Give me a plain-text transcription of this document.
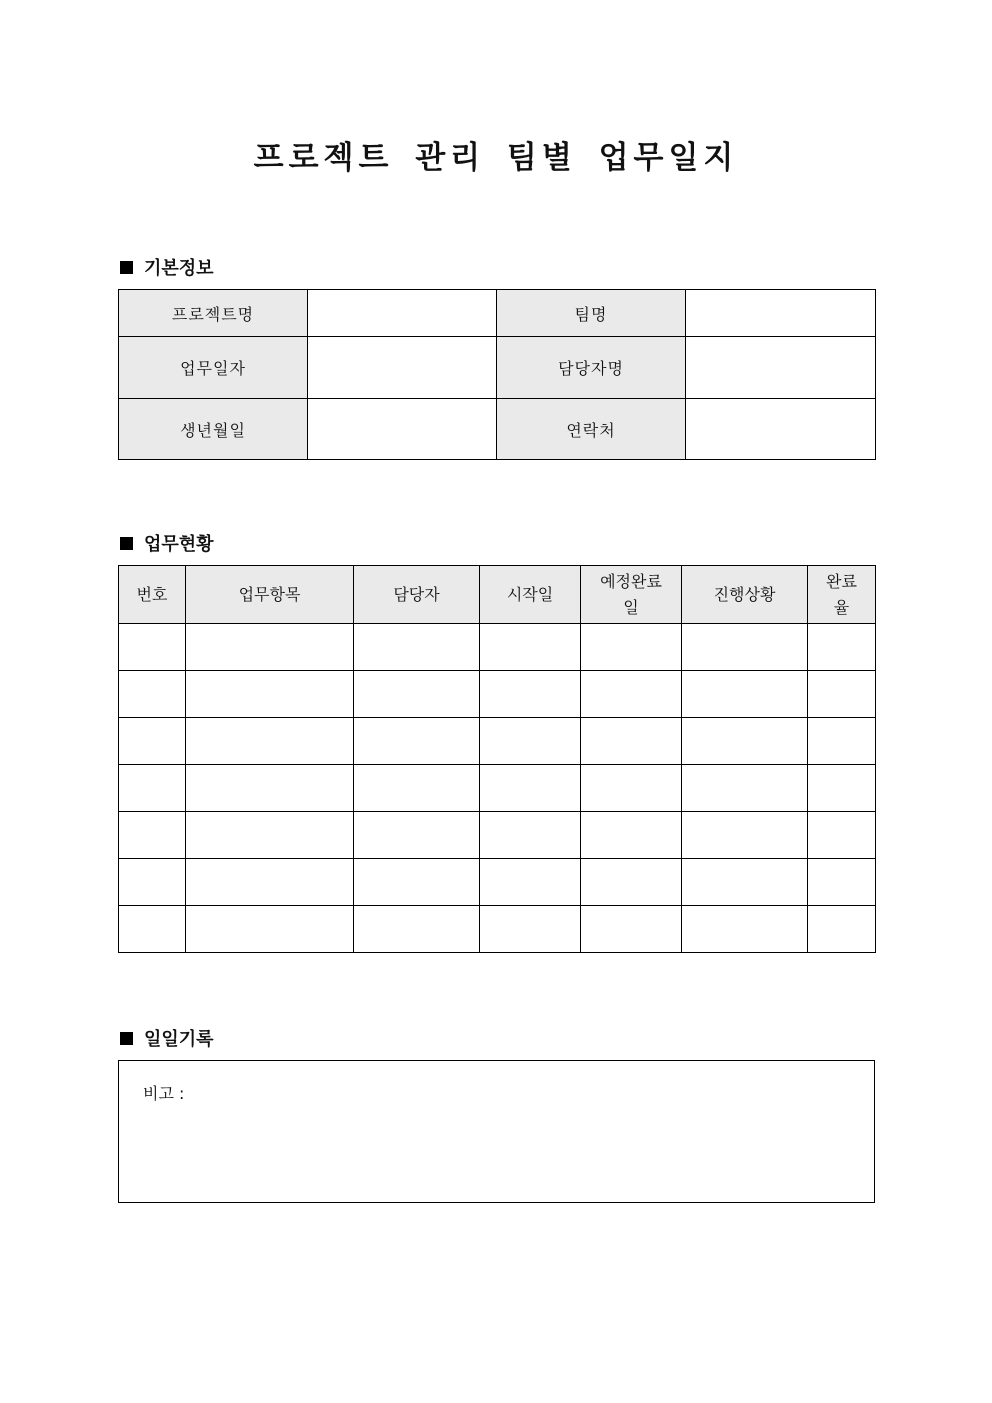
프로젝트 관리 팀별 업무일지
기본정보
프로젝트명		팀명	
업무일자		담당자명	
생년월일		연락처	
업무현황
번호	업무항목	담당자	시작일	예정완료일	진행상황	완료율

일일기록
비고 :
